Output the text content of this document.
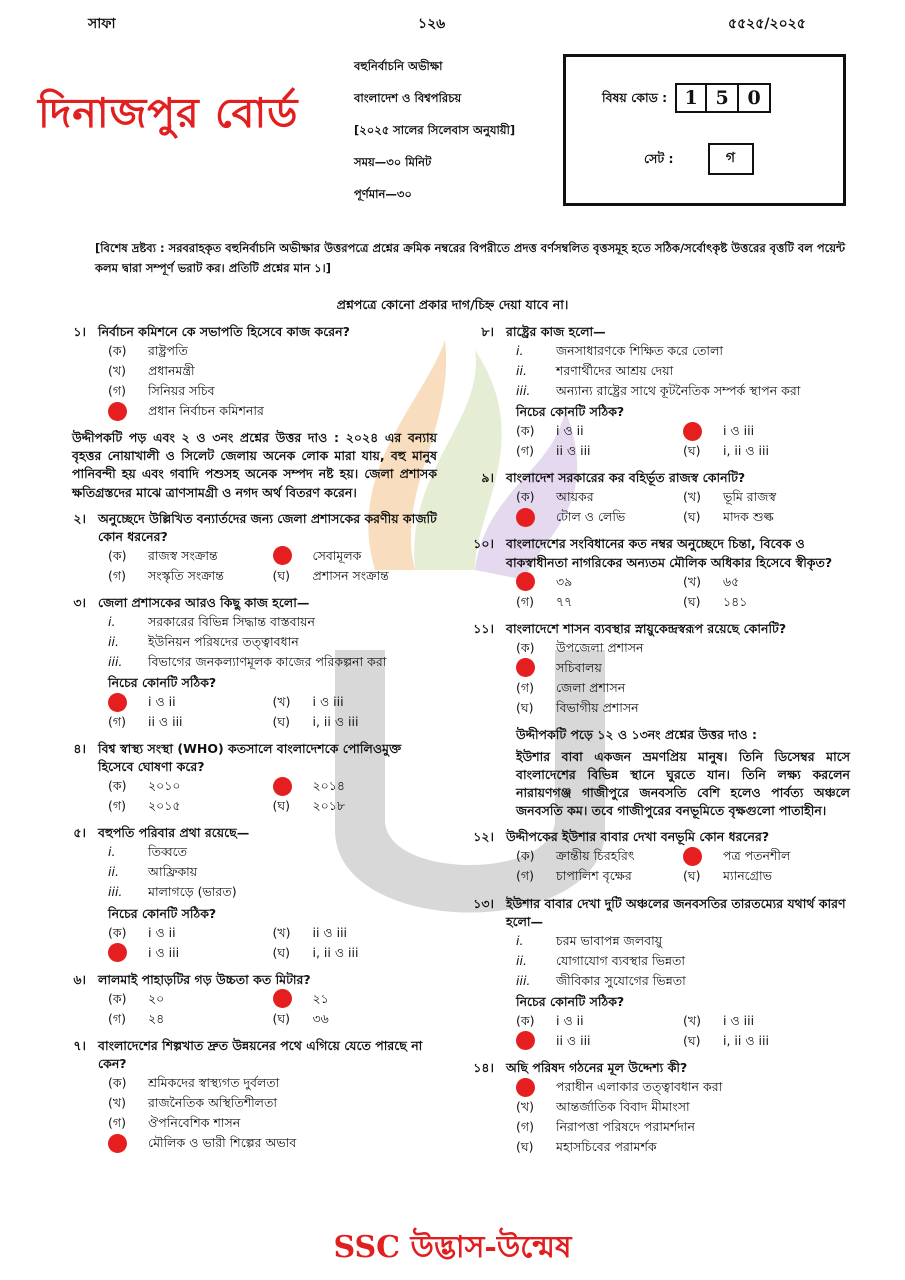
সাফা	১২৬	৫৫২৫/২০২৫
দিনাজপুর বোর্ড
বহুনির্বাচনি অভীক্ষা
বাংলাদেশ ও বিশ্বপরিচয়
[২০২৫ সালের সিলেবাস অনুযায়ী]
সময়—৩০ মিনিট
পূর্ণমান—৩০
বিষয় কোড : 1 5 0
সেট :	গ
[বিশেষ দ্রষ্টব্য : সরবরাহকৃত বহুনির্বাচনি অভীক্ষার উত্তরপত্রে প্রশ্নের ক্রমিক নম্বরের বিপরীতে প্রদত্ত বর্ণসম্বলিত বৃত্তসমূহ হতে সঠিক/সর্বোৎকৃষ্ট উত্তরের বৃত্তটি বল পয়েন্ট কলম দ্বারা সম্পূর্ণ ভরাট কর। প্রতিটি প্রশ্নের মান ১।]
প্রশ্নপত্রে কোনো প্রকার দাগ/চিহ্ন দেয়া যাবে না।
১। নির্বাচন কমিশনে কে সভাপতি হিসেবে কাজ করেন?
(ক)	রাষ্ট্রপতি
(খ)	প্রধানমন্ত্রী
(গ)	সিনিয়র সচিব
প্রধান নির্বাচন কমিশনার
উদ্দীপকটি পড় এবং ২ ও ৩নং প্রশ্নের উত্তর দাও : ২০২৪ এর বন্যায় বৃহত্তর নোয়াখালী ও সিলেট জেলায় অনেক লোক মারা যায়, বহু মানুষ পানিবন্দী হয় এবং গবাদি পশুসহ অনেক সম্পদ নষ্ট হয়। জেলা প্রশাসক ক্ষতিগ্রস্তদের মাঝে ত্রাণসামগ্রী ও নগদ অর্থ বিতরণ করেন।
২। অনুচ্ছেদে উল্লিখিত বন্যার্তদের জন্য জেলা প্রশাসকের করণীয় কাজটি কোন ধরনের?
(ক)	রাজস্ব সংক্রান্ত	সেবামূলক
(গ)	সংস্কৃতি সংক্রান্ত	(ঘ)	প্রশাসন সংক্রান্ত
৩। জেলা প্রশাসকের আরও কিছু কাজ হলো—
i.	সরকারের বিভিন্ন সিদ্ধান্ত বাস্তবায়ন
ii.	ইউনিয়ন পরিষদের তত্ত্বাবধান
iii.	বিভাগের জনকল্যাণমূলক কাজের পরিকল্পনা করা
নিচের কোনটি সঠিক?
i ও ii	(খ)	i ও iii
(গ)	ii ও iii	(ঘ)	i, ii ও iii
৪। বিশ্ব স্বাস্থ্য সংস্থা (WHO) কতসালে বাংলাদেশকে পোলিওমুক্ত হিসেবে ঘোষণা করে?
(ক)	২০১০	২০১৪
(গ)	২০১৫	(ঘ)	২০১৮
৫। বহুপতি পরিবার প্রথা রয়েছে—
i.	তিব্বতে
ii.	আফ্রিকায়
iii.	মালাগড়ে (ভারত)
নিচের কোনটি সঠিক?
(ক)	i ও ii	(খ)	ii ও iii
i ও iii	(ঘ)	i, ii ও iii
৬। লালমাই পাহাড়টির গড় উচ্চতা কত মিটার?
(ক)	২০	২১
(গ)	২৪	(ঘ)	৩৬
৭। বাংলাদেশের শিল্পখাত দ্রুত উন্নয়নের পথে এগিয়ে যেতে পারছে না কেন?
(ক)	শ্রমিকদের স্বাস্থ্যগত দুর্বলতা
(খ)	রাজনৈতিক অস্থিতিশীলতা
(গ)	ঔপনিবেশিক শাসন
মৌলিক ও ভারী শিল্পের অভাব
৮। রাষ্ট্রের কাজ হলো—
i.	জনসাধারণকে শিক্ষিত করে তোলা
ii.	শরণার্থীদের আশ্রয় দেয়া
iii.	অন্যান্য রাষ্ট্রের সাথে কূটনৈতিক সম্পর্ক স্থাপন করা
নিচের কোনটি সঠিক?
(ক)	i ও ii	i ও iii
(গ)	ii ও iii	(ঘ)	i, ii ও iii
৯। বাংলাদেশ সরকারের কর বহির্ভূত রাজস্ব কোনটি?
(ক)	আয়কর	(খ)	ভূমি রাজস্ব
টোল ও লেভি	(ঘ)	মাদক শুল্ক
১০। বাংলাদেশের সংবিধানের কত নম্বর অনুচ্ছেদে চিন্তা, বিবেক ও বাকস্বাধীনতা নাগরিকের অন্যতম মৌলিক অধিকার হিসেবে স্বীকৃত?
৩৯	(খ)	৬৫
(গ)	৭৭	(ঘ)	১৪১
১১। বাংলাদেশে শাসন ব্যবস্থার স্নায়ুকেন্দ্রস্বরূপ রয়েছে কোনটি?
(ক)	উপজেলা প্রশাসন
সচিবালয়
(গ)	জেলা প্রশাসন
(ঘ)	বিভাগীয় প্রশাসন
উদ্দীপকটি পড়ে ১২ ও ১৩নং প্রশ্নের উত্তর দাও :
ইউশার বাবা একজন ভ্রমণপ্রিয় মানুষ। তিনি ডিসেম্বর মাসে বাংলাদেশের বিভিন্ন স্থানে ঘুরতে যান। তিনি লক্ষ্য করলেন নারায়ণগঞ্জ গাজীপুরে জনবসতি বেশি হলেও পার্বত্য অঞ্চলে জনবসতি কম। তবে গাজীপুরের বনভূমিতে বৃক্ষগুলো পাতাহীন।
১২। উদ্দীপকের ইউশার বাবার দেখা বনভূমি কোন ধরনের?
(ক)	ক্রান্তীয় চিরহরিৎ	পত্র পতনশীল
(গ)	চাপালিশ বৃক্ষের	(ঘ)	ম্যানগ্রোভ
১৩। ইউশার বাবার দেখা দুটি অঞ্চলের জনবসতির তারতম্যের যথার্থ কারণ হলো—
i.	চরম ভাবাপন্ন জলবায়ু
ii.	যোগাযোগ ব্যবস্থার ভিন্নতা
iii.	জীবিকার সুযোগের ভিন্নতা
নিচের কোনটি সঠিক?
(ক)	i ও ii	(খ)	i ও iii
ii ও iii	(ঘ)	i, ii ও iii
১৪। অছি পরিষদ গঠনের মূল উদ্দেশ্য কী?
পরাধীন এলাকার তত্ত্বাবধান করা
(খ)	আন্তর্জাতিক বিবাদ মীমাংসা
(গ)	নিরাপত্তা পরিষদে পরামর্শদান
(ঘ)	মহাসচিবের পরামর্শক
SSC উদ্ভাস-উন্মেষ
